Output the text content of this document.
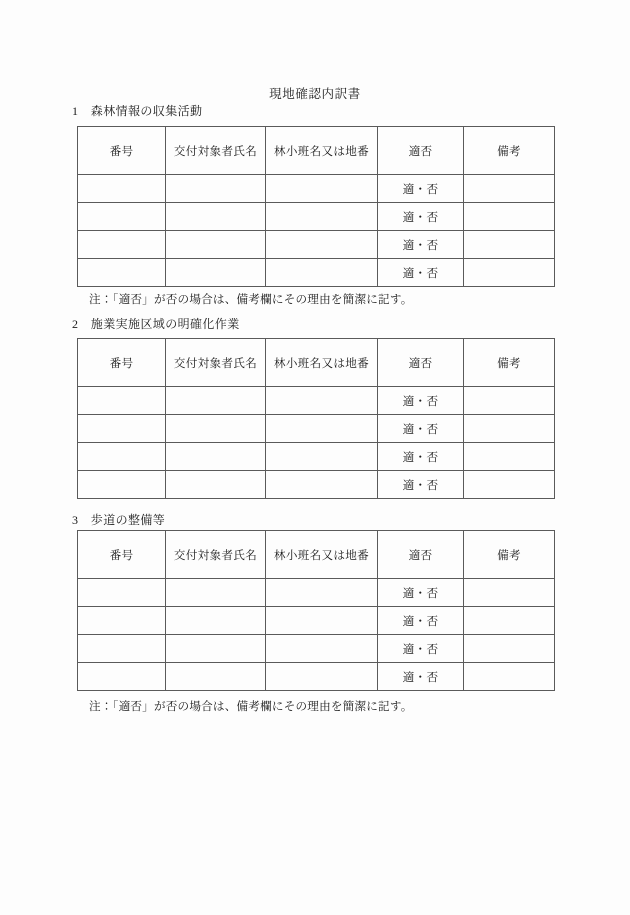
現地確認内訳書
1　森林情報の収集活動
番号	交付対象者氏名	林小班名又は地番	適否	備考
			適・否	
			適・否	
			適・否	
			適・否	
注：「適否」が否の場合は、備考欄にその理由を簡潔に記す。
2　施業実施区域の明確化作業
番号	交付対象者氏名	林小班名又は地番	適否	備考
			適・否	
			適・否	
			適・否	
			適・否	
3　歩道の整備等
番号	交付対象者氏名	林小班名又は地番	適否	備考
			適・否	
			適・否	
			適・否	
			適・否	
注：「適否」が否の場合は、備考欄にその理由を簡潔に記す。
